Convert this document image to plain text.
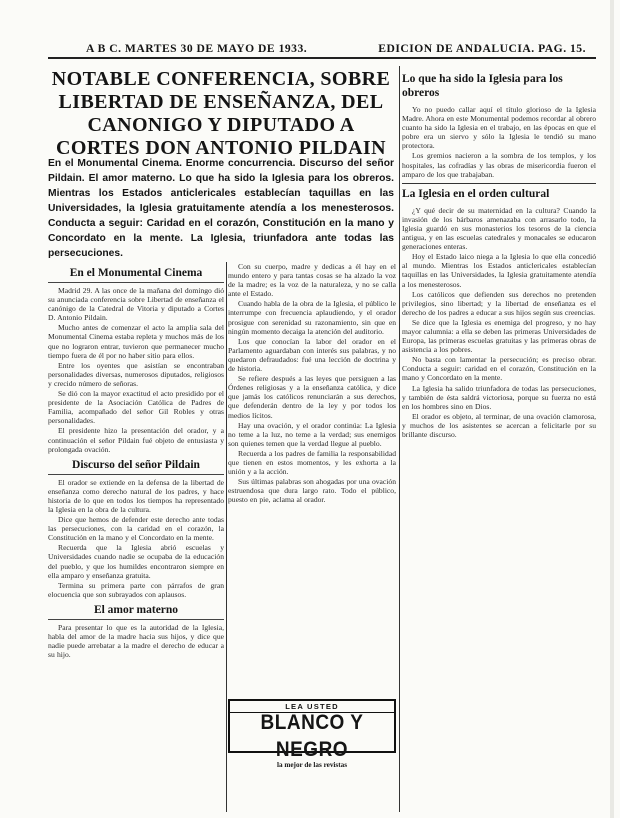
A B C. MARTES 30 DE MAYO DE 1933.	EDICION DE ANDALUCIA. PAG. 15.
NOTABLE CONFERENCIA, SOBRE LIBERTAD DE ENSEÑANZA, DEL CANONIGO Y DIPUTADO A CORTES DON ANTONIO PILDAIN
En el Monumental Cinema. Enorme concurrencia. Discurso del señor Pildain. El amor materno. Lo que ha sido la Iglesia para los obreros. Mientras los Estados anticlericales establecían taquillas en las Universidades, la Iglesia gratuitamente atendía a los menesterosos. Conducta a seguir: Caridad en el corazón, Constitución en la mano y Concordato en la mente. La Iglesia, triunfadora ante todas las persecuciones.
En el Monumental Cinema

Madrid 29. A las once de la mañana del domingo dió su anunciada conferencia sobre Libertad de enseñanza el canónigo de la Catedral de Vitoria y diputado a Cortes D. Antonio Pildain.

Mucho antes de comenzar el acto la amplia sala del Monumental Cinema estaba repleta y muchos más de los que no lograron entrar, tuvieron que permanecer mucho tiempo fuera de él por no haber sitio para ellos.

Entre los oyentes que asistían se encontraban personalidades diversas, numerosos diputados, religiosos y crecido número de señoras.

Se dió con la mayor exactitud el acto presidido por el presidente de la Asociación Católica de Padres de Familia, acompañado del señor Gil Robles y otras personalidades.

El presidente hizo la presentación del orador, y a continuación el señor Pildain fué objeto de entusiasta y prolongada ovación.

Discurso del señor Pildain

El orador se extiende en la defensa de la libertad de enseñanza como derecho natural de los padres, y hace historia de lo que en todos los tiempos ha representado la Iglesia en la obra de la cultura.

Dice que hemos de defender este derecho ante todas las persecuciones, con la caridad en el corazón, la Constitución en la mano y el Concordato en la mente.

Recuerda que la Iglesia abrió escuelas y Universidades cuando nadie se ocupaba de la educación del pueblo, y que los humildes encontraron siempre en ella amparo y enseñanza gratuita.

Termina su primera parte con párrafos de gran elocuencia que son subrayados con aplausos.

El amor materno

Para presentar lo que es la autoridad de la Iglesia, habla del amor de la madre hacia sus hijos, y dice que nadie puede arrebatar a la madre el derecho de educar a su hijo.

Con su cuerpo, madre y dedicas a él hay en el mundo entero y para tantas cosas se ha alzado la voz de la madre; es la voz de la naturaleza, y no se calla ante el Estado.

Cuando habla de la obra de la Iglesia, el público le interrumpe con frecuencia aplaudiendo, y el orador prosigue con serenidad su razonamiento, sin que en ningún momento decaiga la atención del auditorio.

Los que conocían la labor del orador en el Parlamento aguardaban con interés sus palabras, y no quedaron defraudados: fué una lección de doctrina y de historia.

Se refiere después a las leyes que persiguen a las Órdenes religiosas y a la enseñanza católica, y dice que jamás los católicos renunciarán a sus derechos, que defenderán dentro de la ley y por todos los medios lícitos.

Hay una ovación, y el orador continúa: La Iglesia no teme a la luz, no teme a la verdad; sus enemigos son quienes temen que la verdad llegue al pueblo.

Recuerda a los padres de familia la responsabilidad que tienen en estos momentos, y les exhorta a la unión y a la acción.

Sus últimas palabras son ahogadas por una ovación estruendosa que dura largo rato. Todo el público, puesto en pie, aclama al orador.

Lo que ha sido la Iglesia para los obreros

Yo no puedo callar aquí el título glorioso de la Iglesia Madre. Ahora en este Monumental podemos recordar al obrero cuanto ha sido la Iglesia en el trabajo, en las épocas en que el pobre era un siervo y sólo la Iglesia le tendió su mano protectora.

Los gremios nacieron a la sombra de los templos, y los hospitales, las cofradías y las obras de misericordia fueron el amparo de los que trabajaban.

La Iglesia en el orden cultural

¿Y qué decir de su maternidad en la cultura? Cuando la invasión de los bárbaros amenazaba con arrasarlo todo, la Iglesia guardó en sus monasterios los tesoros de la ciencia antigua, y en las escuelas catedrales y monacales se educaron generaciones enteras.

Hoy el Estado laico niega a la Iglesia lo que ella concedió al mundo. Mientras los Estados anticlericales establecían taquillas en las Universidades, la Iglesia gratuitamente atendía a los menesterosos.

Los católicos que defienden sus derechos no pretenden privilegios, sino libertad; y la libertad de enseñanza es el derecho de los padres a educar a sus hijos según sus creencias.

Se dice que la Iglesia es enemiga del progreso, y no hay mayor calumnia: a ella se deben las primeras Universidades de Europa, las primeras escuelas gratuitas y las primeras obras de asistencia a los pobres.

No basta con lamentar la persecución; es preciso obrar. Conducta a seguir: caridad en el corazón, Constitución en la mano y Concordato en la mente.

La Iglesia ha salido triunfadora de todas las persecuciones, y también de ésta saldrá victoriosa, porque su fuerza no está en los hombres sino en Dios.

El orador es objeto, al terminar, de una ovación clamorosa, y muchos de los asistentes se acercan a felicitarle por su brillante discurso.

LEA USTED
BLANCO Y NEGRO
la mejor de las revistas
